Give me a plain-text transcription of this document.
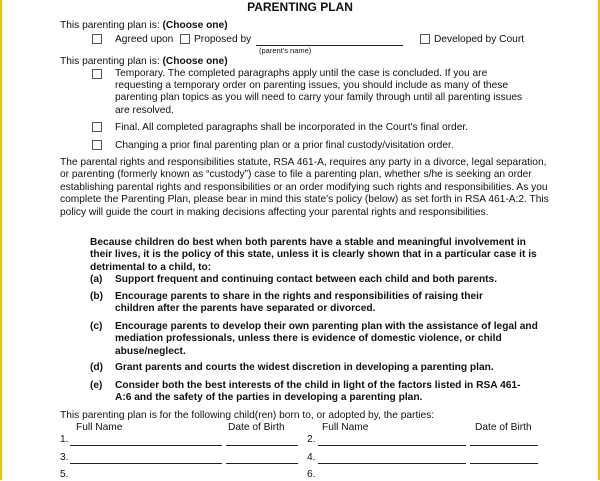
PARENTING PLAN
This parenting plan is: (Choose one)
Agreed upon Proposed by
(parent's name)
Developed by Court
This parenting plan is: (Choose one)
Temporary. The completed paragraphs apply until the case is concluded. If you are requesting a temporary order on parenting issues, you should include as many of these parenting plan topics as you will need to carry your family through until all parenting issues are resolved.
Final. All completed paragraphs shall be incorporated in the Court's final order.
Changing a prior final parenting plan or a prior final custody/visitation order.
The parental rights and responsibilities statute, RSA 461-A, requires any party in a divorce, legal separation, or parenting (formerly known as “custody”) case to file a parenting plan, whether s/he is seeking an order establishing parental rights and responsibilities or an order modifying such rights and responsibilities. As you complete the Parenting Plan, please bear in mind this state's policy (below) as set forth in RSA 461-A:2. This policy will guide the court in making decisions affecting your parental rights and responsibilities.
Because children do best when both parents have a stable and meaningful involvement in their lives, it is the policy of this state, unless it is clearly shown that in a particular case it is detrimental to a child, to:
(a) Support frequent and continuing contact between each child and both parents.
(b) Encourage parents to share in the rights and responsibilities of raising their children after the parents have separated or divorced.
(c) Encourage parents to develop their own parenting plan with the assistance of legal and mediation professionals, unless there is evidence of domestic violence, or child abuse/neglect.
(d) Grant parents and courts the widest discretion in developing a parenting plan.
(e) Consider both the best interests of the child in light of the factors listed in RSA 461-A:6 and the safety of the parties in developing a parenting plan.
This parenting plan is for the following child(ren) born to, or adopted by, the parties:
Full Name	Date of Birth	Full Name	Date of Birth
1.	2.
3.	4.
5.	6.
